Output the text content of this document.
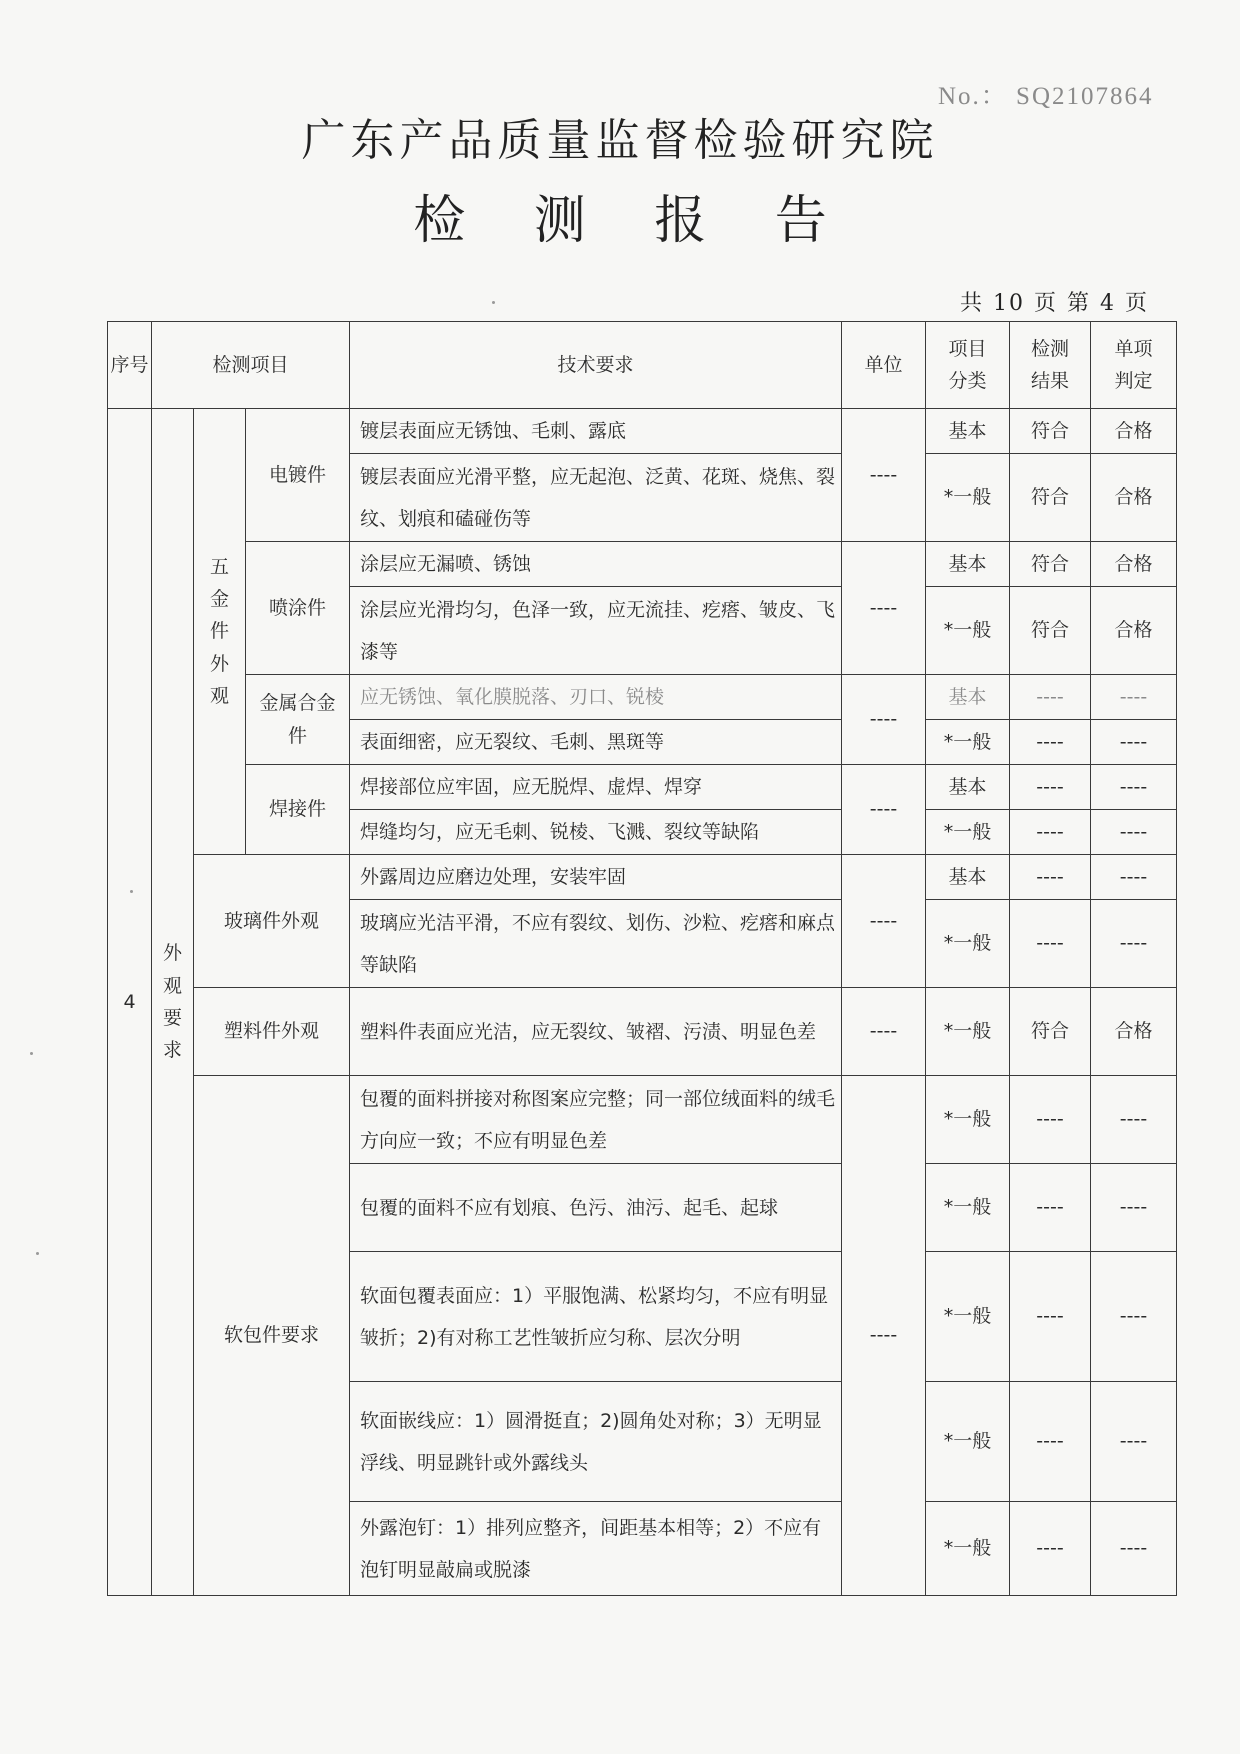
No.： SQ2107864
广东产品质量监督检验研究院
检 测 报 告
共 10 页 第 4 页
序号	检测项目			技术要求	单位	项目分类	检测结果	单项判定
4	外观要求	五金件外观	电镀件	镀层表面应无锈蚀、毛刺、露底	----	基本	符合	合格
				镀层表面应光滑平整，应无起泡、泛黄、花斑、烧焦、裂纹、划痕和磕碰伤等		*一般	符合	合格
			喷涂件	涂层应无漏喷、锈蚀	----	基本	符合	合格
				涂层应光滑均匀，色泽一致，应无流挂、疙瘩、皱皮、飞漆等		*一般	符合	合格
			金属合金件	应无锈蚀、氧化膜脱落、刃口、锐棱	----	基本	----	----
				表面细密，应无裂纹、毛刺、黑斑等		*一般	----	----
			焊接件	焊接部位应牢固，应无脱焊、虚焊、焊穿	----	基本	----	----
				焊缝均匀，应无毛刺、锐棱、飞溅、裂纹等缺陷		*一般	----	----
		玻璃件外观		外露周边应磨边处理，安装牢固	----	基本	----	----
				玻璃应光洁平滑，不应有裂纹、划伤、沙粒、疙瘩和麻点等缺陷		*一般	----	----
		塑料件外观		塑料件表面应光洁，应无裂纹、皱褶、污渍、明显色差	----	*一般	符合	合格
		软包件要求		包覆的面料拼接对称图案应完整；同一部位绒面料的绒毛方向应一致；不应有明显色差	----	*一般	----	----
				包覆的面料不应有划痕、色污、油污、起毛、起球		*一般	----	----
				软面包覆表面应：1）平服饱满、松紧均匀，不应有明显皱折；2)有对称工艺性皱折应匀称、层次分明		*一般	----	----
				软面嵌线应：1）圆滑挺直；2)圆角处对称；3）无明显浮线、明显跳针或外露线头		*一般	----	----
				外露泡钉：1）排列应整齐，间距基本相等；2）不应有泡钉明显敲扁或脱漆		*一般	----	----
